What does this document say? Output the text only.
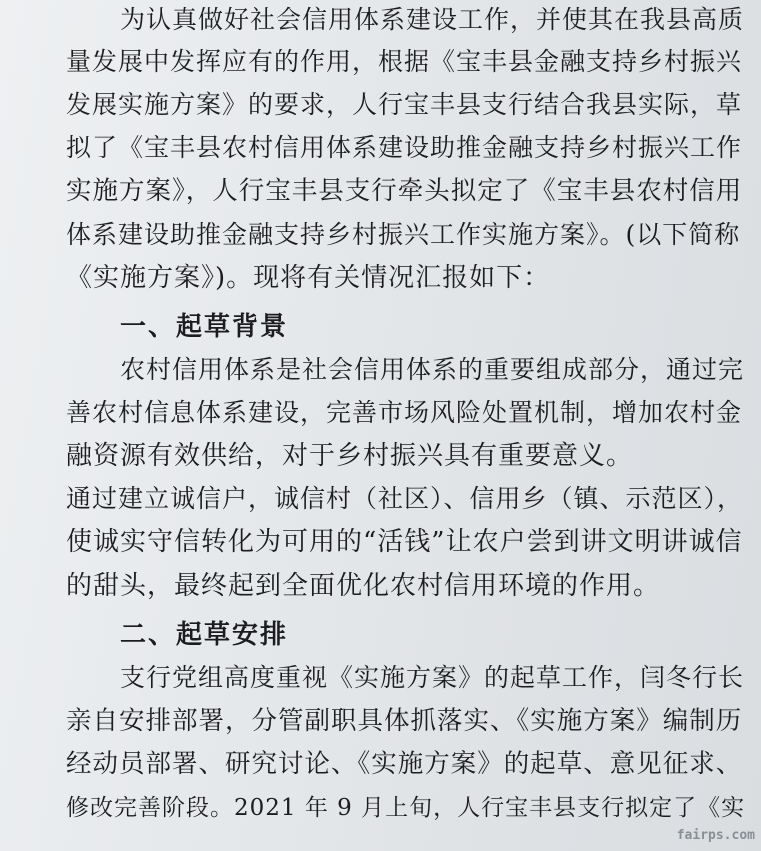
为认真做好社会信用体系建设工作，并使其在我县高质
量发展中发挥应有的作用，根据《宝丰县金融支持乡村振兴
发展实施方案》的要求，人行宝丰县支行结合我县实际，草
拟了《宝丰县农村信用体系建设助推金融支持乡村振兴工作
实施方案》，人行宝丰县支行牵头拟定了《宝丰县农村信用
体系建设助推金融支持乡村振兴工作实施方案》。(以下简称
《实施方案》)。现将有关情况汇报如下：
一、起草背景
农村信用体系是社会信用体系的重要组成部分，通过完
善农村信息体系建设，完善市场风险处置机制，增加农村金
融资源有效供给，对于乡村振兴具有重要意义。
通过建立诚信户，诚信村（社区）、信用乡（镇、示范区），
使诚实守信转化为可用的“活钱”让农户尝到讲文明讲诚信
的甜头，最终起到全面优化农村信用环境的作用。
二、起草安排
支行党组高度重视《实施方案》的起草工作，闫冬行长
亲自安排部署，分管副职具体抓落实、《实施方案》编制历
经动员部署、研究讨论、《实施方案》的起草、意见征求、
修改完善阶段。2021 年 9 月上旬，人行宝丰县支行拟定了《实
fairps.com
